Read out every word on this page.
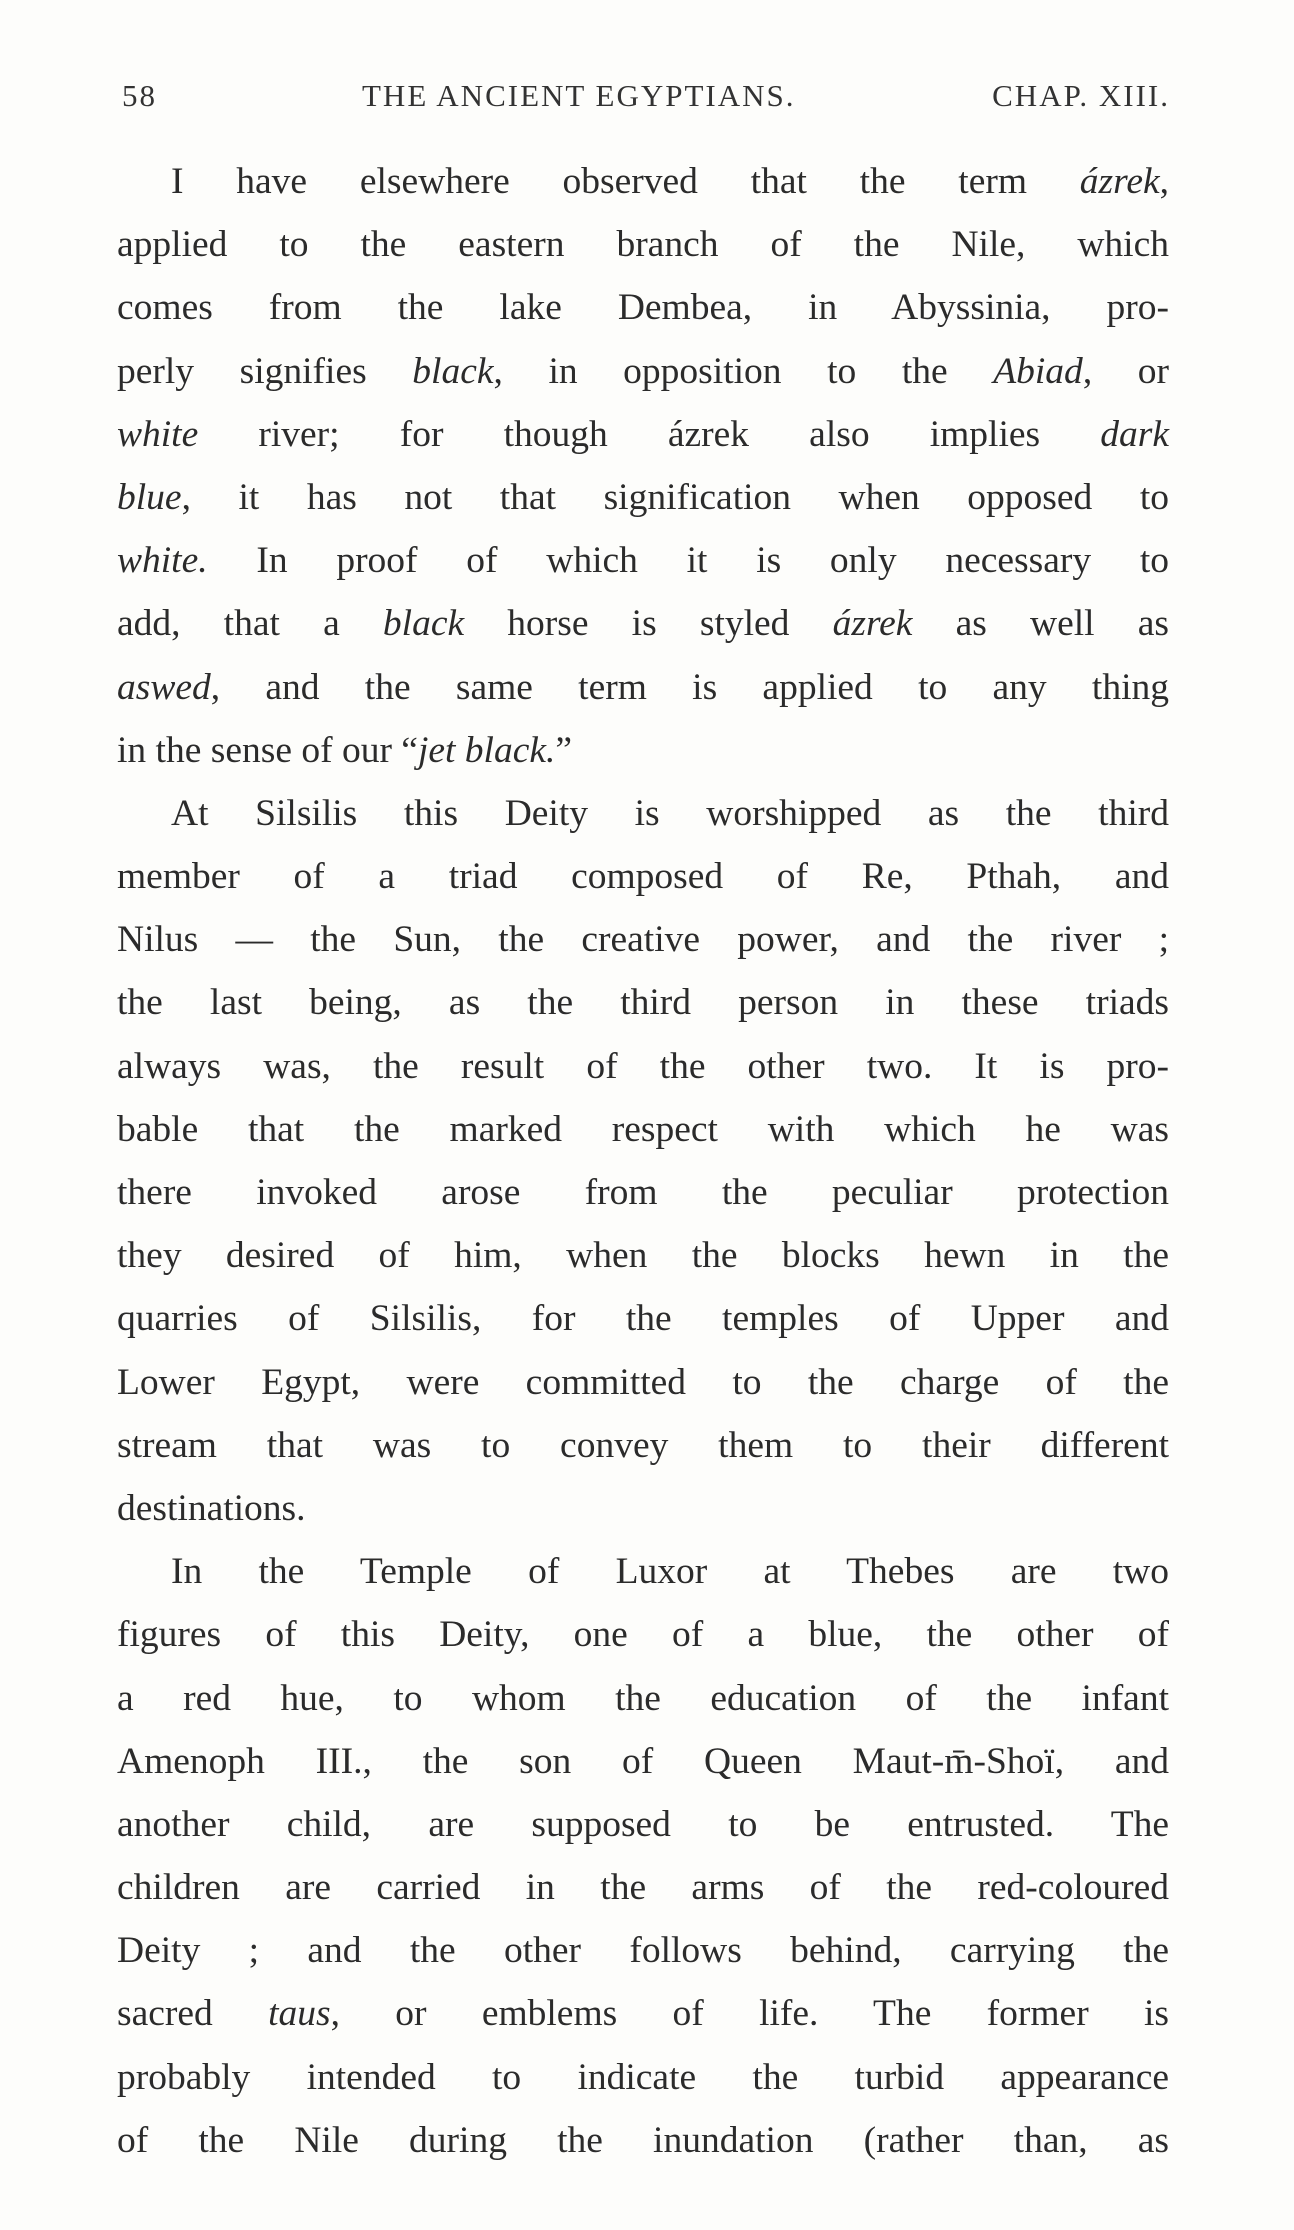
58	THE ANCIENT EGYPTIANS.	CHAP. XIII.
I have elsewhere observed that the term ázrek,
applied to the eastern branch of the Nile, which
comes from the lake Dembea, in Abyssinia, pro-
perly signifies black, in opposition to the Abiad, or
white river; for though ázrek also implies dark
blue, it has not that signification when opposed to
white. In proof of which it is only necessary to
add, that a black horse is styled ázrek as well as
aswed, and the same term is applied to any thing
in the sense of our “jet black.”
At Silsilis this Deity is worshipped as the third
member of a triad composed of Re, Pthah, and
Nilus — the Sun, the creative power, and the river ;
the last being, as the third person in these triads
always was, the result of the other two. It is pro-
bable that the marked respect with which he was
there invoked arose from the peculiar protection
they desired of him, when the blocks hewn in the
quarries of Silsilis, for the temples of Upper and
Lower Egypt, were committed to the charge of the
stream that was to convey them to their different
destinations.
In the Temple of Luxor at Thebes are two
figures of this Deity, one of a blue, the other of
a red hue, to whom the education of the infant
Amenoph III., the son of Queen Maut-m̄-Shoï, and
another child, are supposed to be entrusted. The
children are carried in the arms of the red-coloured
Deity ; and the other follows behind, carrying the
sacred taus, or emblems of life. The former is
probably intended to indicate the turbid appearance
of the Nile during the inundation (rather than, as
